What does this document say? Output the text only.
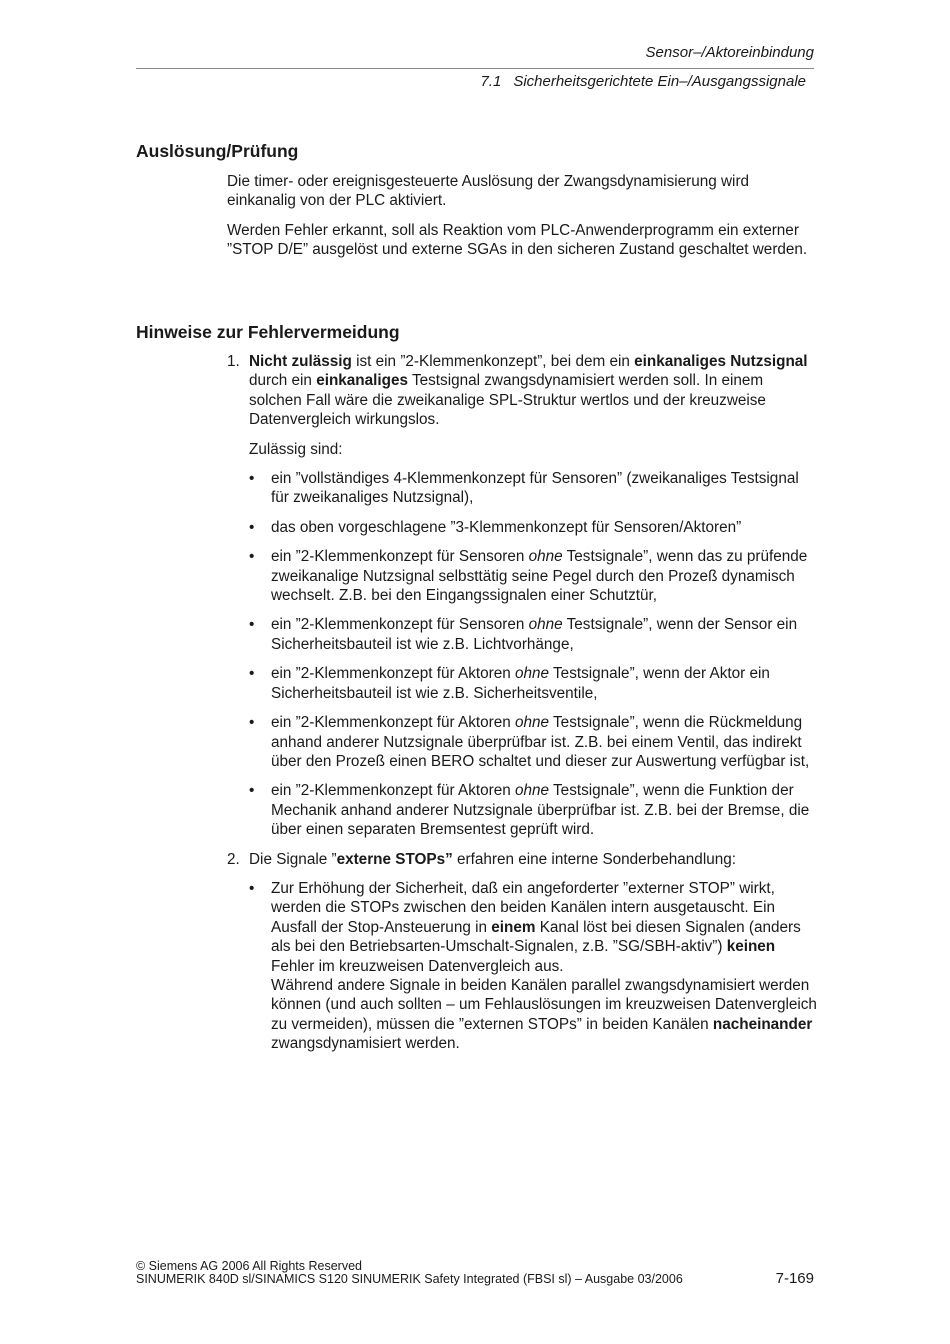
Sensor–/Aktoreinbindung
7.1 Sicherheitsgerichtete Ein–/Ausgangssignale
Auslösung/Prüfung

Die timer- oder ereignisgesteuerte Auslösung der Zwangsdynamisierung wird einkanalig von der PLC aktiviert.

Werden Fehler erkannt, soll als Reaktion vom PLC-Anwenderprogramm ein externer ”STOP D/E” ausgelöst und externe SGAs in den sicheren Zustand geschaltet werden.

Hinweise zur Fehlervermeidung
1. Nicht zulässig ist ein ”2-Klemmenkonzept”, bei dem ein einkanaliges Nutzsignal durch ein einkanaliges Testsignal zwangsdynamisiert werden soll. In einem solchen Fall wäre die zweikanalige SPL-Struktur wertlos und der kreuzweise Datenvergleich wirkungslos.
Zulässig sind:
• ein ”vollständiges 4-Klemmenkonzept für Sensoren” (zweikanaliges Testsignal für zweikanaliges Nutzsignal),
• das oben vorgeschlagene ”3-Klemmenkonzept für Sensoren/Aktoren”
• ein ”2-Klemmenkonzept für Sensoren ohne Testsignale”, wenn das zu prüfende zweikanalige Nutzsignal selbsttätig seine Pegel durch den Prozeß dynamisch wechselt. Z.B. bei den Eingangssignalen einer Schutztür,
• ein ”2-Klemmenkonzept für Sensoren ohne Testsignale”, wenn der Sensor ein Sicherheitsbauteil ist wie z.B. Lichtvorhänge,
• ein ”2-Klemmenkonzept für Aktoren ohne Testsignale”, wenn der Aktor ein Sicherheitsbauteil ist wie z.B. Sicherheitsventile,
• ein ”2-Klemmenkonzept für Aktoren ohne Testsignale”, wenn die Rückmeldung anhand anderer Nutzsignale überprüfbar ist. Z.B. bei einem Ventil, das indirekt über den Prozeß einen BERO schaltet und dieser zur Auswertung verfügbar ist,
• ein ”2-Klemmenkonzept für Aktoren ohne Testsignale”, wenn die Funktion der Mechanik anhand anderer Nutzsignale überprüfbar ist. Z.B. bei der Bremse, die über einen separaten Bremsentest geprüft wird.
2. Die Signale ”externe STOPs” erfahren eine interne Sonderbehandlung:
• Zur Erhöhung der Sicherheit, daß ein angeforderter ”externer STOP” wirkt, werden die STOPs zwischen den beiden Kanälen intern ausgetauscht. Ein Ausfall der Stop-Ansteuerung in einem Kanal löst bei diesen Signalen (anders als bei den Betriebsarten-Umschalt-Signalen, z.B. ”SG/SBH-aktiv”) keinen Fehler im kreuzweisen Datenvergleich aus.
Während andere Signale in beiden Kanälen parallel zwangsdynamisiert werden können (und auch sollten – um Fehlauslösungen im kreuzweisen Datenvergleich zu vermeiden), müssen die ”externen STOPs” in beiden Kanälen nacheinander zwangsdynamisiert werden.
© Siemens AG 2006 All Rights Reserved
SINUMERIK 840D sl/SINAMICS S120 SINUMERIK Safety Integrated (FBSI sl) – Ausgabe 03/2006	7-169
